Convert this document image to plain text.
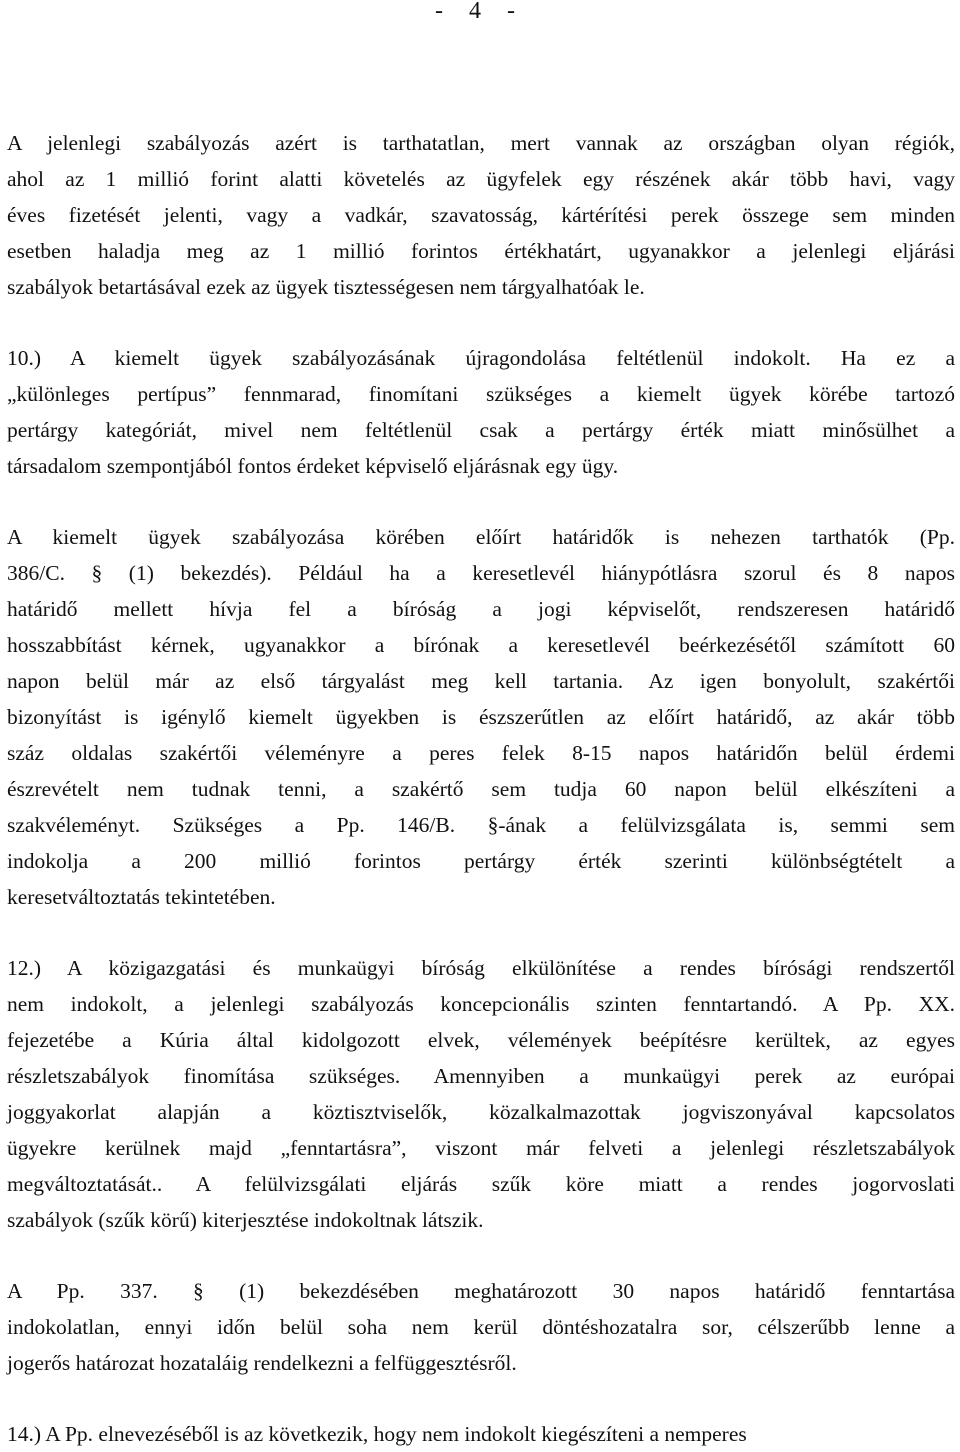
- 4 -
A jelenlegi szabályozás azért is tarthatatlan, mert vannak az országban olyan régiók,
ahol az 1 millió forint alatti követelés az ügyfelek egy részének akár több havi, vagy
éves fizetését jelenti, vagy a vadkár, szavatosság, kártérítési perek összege sem minden
esetben haladja meg az 1 millió forintos értékhatárt, ugyanakkor a jelenlegi eljárási
szabályok betartásával ezek az ügyek tisztességesen nem tárgyalhatóak le.
10.) A kiemelt ügyek szabályozásának újragondolása feltétlenül indokolt. Ha ez a
„különleges pertípus” fennmarad, finomítani szükséges a kiemelt ügyek körébe tartozó
pertárgy kategóriát, mivel nem feltétlenül csak a pertárgy érték miatt minősülhet a
társadalom szempontjából fontos érdeket képviselő eljárásnak egy ügy.
A kiemelt ügyek szabályozása körében előírt határidők is nehezen tarthatók (Pp.
386/C. § (1) bekezdés). Például ha a keresetlevél hiánypótlásra szorul és 8 napos
határidő mellett hívja fel a bíróság a jogi képviselőt, rendszeresen határidő
hosszabbítást kérnek, ugyanakkor a bírónak a keresetlevél beérkezésétől számított 60
napon belül már az első tárgyalást meg kell tartania. Az igen bonyolult, szakértői
bizonyítást is igénylő kiemelt ügyekben is észszerűtlen az előírt határidő, az akár több
száz oldalas szakértői véleményre a peres felek 8-15 napos határidőn belül érdemi
észrevételt nem tudnak tenni, a szakértő sem tudja 60 napon belül elkészíteni a
szakvéleményt. Szükséges a Pp. 146/B. §-ának a felülvizsgálata is, semmi sem
indokolja a 200 millió forintos pertárgy érték szerinti különbségtételt a
keresetváltoztatás tekintetében.
12.) A közigazgatási és munkaügyi bíróság elkülönítése a rendes bírósági rendszertől
nem indokolt, a jelenlegi szabályozás koncepcionális szinten fenntartandó. A Pp. XX.
fejezetébe a Kúria által kidolgozott elvek, vélemények beépítésre kerültek, az egyes
részletszabályok finomítása szükséges. Amennyiben a munkaügyi perek az európai
joggyakorlat alapján a köztisztviselők, közalkalmazottak jogviszonyával kapcsolatos
ügyekre kerülnek majd „fenntartásra”, viszont már felveti a jelenlegi részletszabályok
megváltoztatását.. A felülvizsgálati eljárás szűk köre miatt a rendes jogorvoslati
szabályok (szűk körű) kiterjesztése indokoltnak látszik.
A Pp. 337. § (1) bekezdésében meghatározott 30 napos határidő fenntartása
indokolatlan, ennyi időn belül soha nem kerül döntéshozatalra sor, célszerűbb lenne a
jogerős határozat hozataláig rendelkezni a felfüggesztésről.
14.) A Pp. elnevezéséből is az következik, hogy nem indokolt kiegészíteni a nemperes
